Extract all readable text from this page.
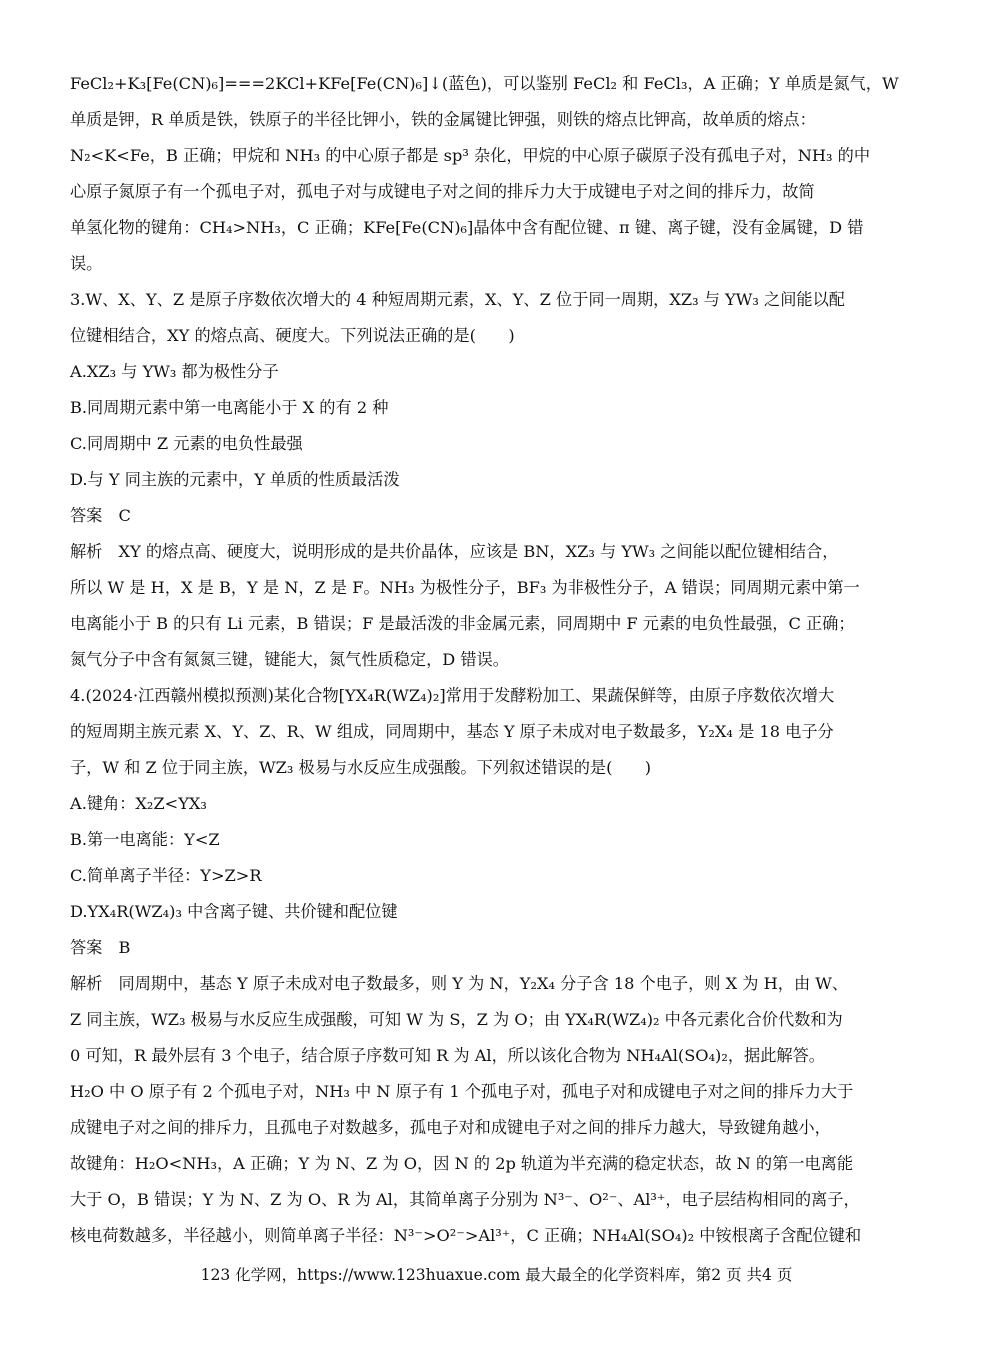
FeCl₂+K₃[Fe(CN)₆]===2KCl+KFe[Fe(CN)₆]↓(蓝色)，可以鉴别 FeCl₂ 和 FeCl₃，A 正确；Y 单质是氮气，W
单质是钾，R 单质是铁，铁原子的半径比钾小，铁的金属键比钾强，则铁的熔点比钾高，故单质的熔点：
N₂<K<Fe，B 正确；甲烷和 NH₃ 的中心原子都是 sp³ 杂化，甲烷的中心原子碳原子没有孤电子对，NH₃ 的中
心原子氮原子有一个孤电子对，孤电子对与成键电子对之间的排斥力大于成键电子对之间的排斥力，故简
单氢化物的键角：CH₄>NH₃，C 正确；KFe[Fe(CN)₆]晶体中含有配位键、π 键、离子键，没有金属键，D 错
误。
3.W、X、Y、Z 是原子序数依次增大的 4 种短周期元素，X、Y、Z 位于同一周期，XZ₃ 与 YW₃ 之间能以配
位键相结合，XY 的熔点高、硬度大。下列说法正确的是(　　)
A.XZ₃ 与 YW₃ 都为极性分子
B.同周期元素中第一电离能小于 X 的有 2 种
C.同周期中 Z 元素的电负性最强
D.与 Y 同主族的元素中，Y 单质的性质最活泼
答案　C
解析　XY 的熔点高、硬度大，说明形成的是共价晶体，应该是 BN，XZ₃ 与 YW₃ 之间能以配位键相结合，
所以 W 是 H，X 是 B，Y 是 N，Z 是 F。NH₃ 为极性分子，BF₃ 为非极性分子，A 错误；同周期元素中第一
电离能小于 B 的只有 Li 元素，B 错误；F 是最活泼的非金属元素，同周期中 F 元素的电负性最强，C 正确；
氮气分子中含有氮氮三键，键能大，氮气性质稳定，D 错误。
4.(2024·江西赣州模拟预测)某化合物[YX₄R(WZ₄)₂]常用于发酵粉加工、果蔬保鲜等，由原子序数依次增大
的短周期主族元素 X、Y、Z、R、W 组成，同周期中，基态 Y 原子未成对电子数最多，Y₂X₄ 是 18 电子分
子，W 和 Z 位于同主族，WZ₃ 极易与水反应生成强酸。下列叙述错误的是(　　)
A.键角：X₂Z<YX₃
B.第一电离能：Y<Z
C.简单离子半径：Y>Z>R
D.YX₄R(WZ₄)₃ 中含离子键、共价键和配位键
答案　B
解析　同周期中，基态 Y 原子未成对电子数最多，则 Y 为 N，Y₂X₄ 分子含 18 个电子，则 X 为 H，由 W、
Z 同主族，WZ₃ 极易与水反应生成强酸，可知 W 为 S，Z 为 O；由 YX₄R(WZ₄)₂ 中各元素化合价代数和为
0 可知，R 最外层有 3 个电子，结合原子序数可知 R 为 Al，所以该化合物为 NH₄Al(SO₄)₂，据此解答。
H₂O 中 O 原子有 2 个孤电子对，NH₃ 中 N 原子有 1 个孤电子对，孤电子对和成键电子对之间的排斥力大于
成键电子对之间的排斥力，且孤电子对数越多，孤电子对和成键电子对之间的排斥力越大，导致键角越小，
故键角：H₂O<NH₃，A 正确；Y 为 N、Z 为 O，因 N 的 2p 轨道为半充满的稳定状态，故 N 的第一电离能
大于 O，B 错误；Y 为 N、Z 为 O、R 为 Al，其简单离子分别为 N³⁻、O²⁻、Al³⁺，电子层结构相同的离子，
核电荷数越多，半径越小，则简单离子半径：N³⁻>O²⁻>Al³⁺，C 正确；NH₄Al(SO₄)₂ 中铵根离子含配位键和
123 化学网，https://www.123huaxue.com 最大最全的化学资料库，第2 页 共4 页
